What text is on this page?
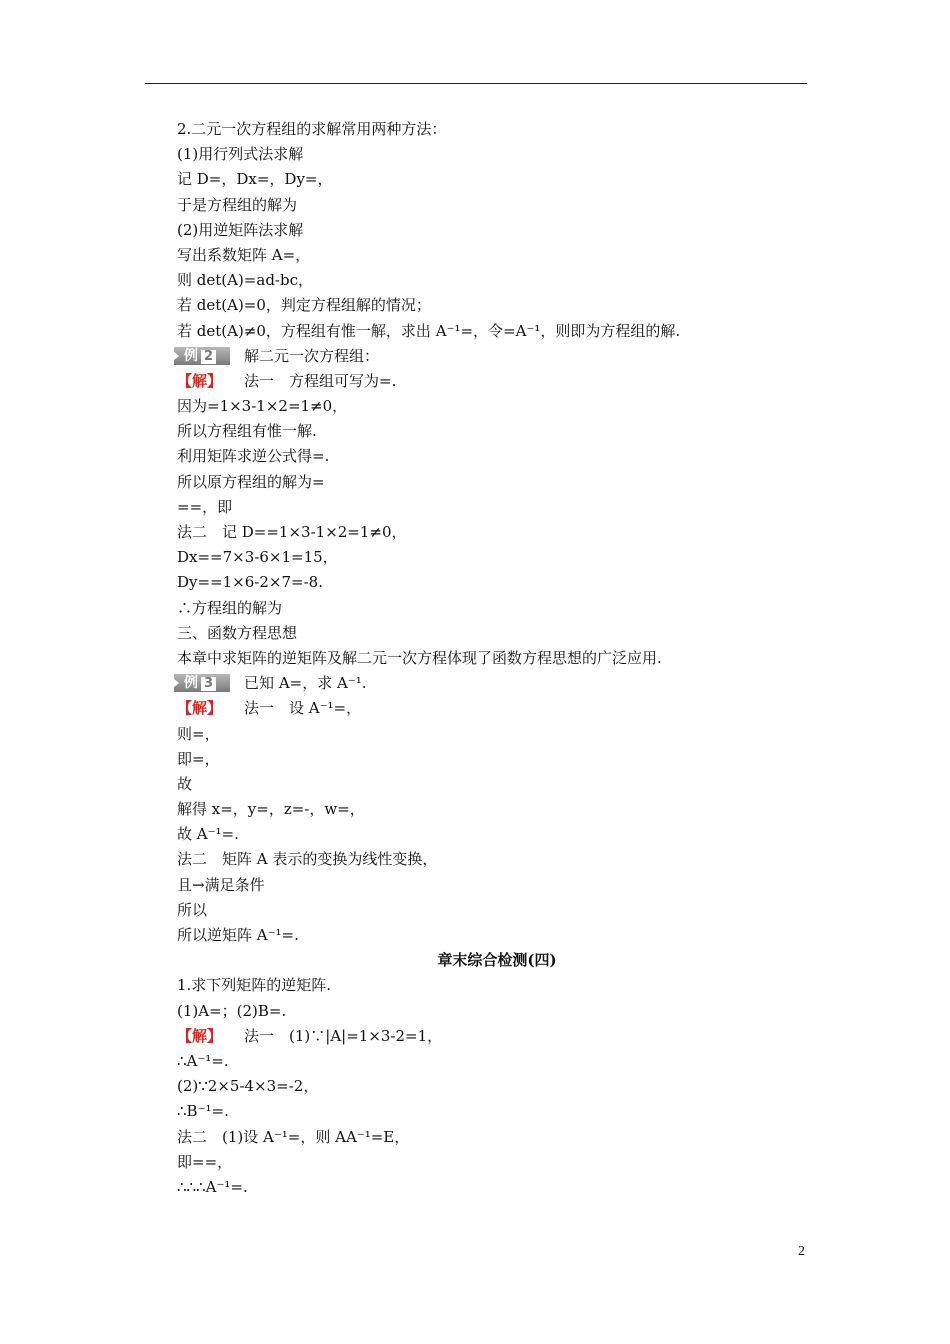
2.二元一次方程组的求解常用两种方法：
(1)用行列式法求解
记 D=，Dx=，Dy=，
于是方程组的解为
(2)用逆矩阵法求解
写出系数矩阵 A=，
则 det(A)=ad-bc，
若 det(A)=0，判定方程组解的情况；
若 det(A)≠0，方程组有惟一解，求出 A⁻¹=，令=A⁻¹，则即为方程组的解.
例 2 解二元一次方程组：
【解】 法一　方程组可写为=.
因为=1×3-1×2=1≠0，
所以方程组有惟一解.
利用矩阵求逆公式得=.
所以原方程组的解为=
==，即
法二　记 D==1×3-1×2=1≠0，
Dx==7×3-6×1=15，
Dy==1×6-2×7=-8.
∴方程组的解为
三、函数方程思想
本章中求矩阵的逆矩阵及解二元一次方程体现了函数方程思想的广泛应用.
例 3 已知 A=，求 A⁻¹.
【解】 法一　设 A⁻¹=，
则=，
即=，
故
解得 x=，y=，z=-，w=，
故 A⁻¹=.
法二　矩阵 A 表示的变换为线性变换，
且→满足条件
所以
所以逆矩阵 A⁻¹=.
章末综合检测(四)
1.求下列矩阵的逆矩阵.
(1)A=；(2)B=.
【解】 法一　(1)∵|A|=1×3-2=1，
∴A⁻¹=.
(2)∵2×5-4×3=-2，
∴B⁻¹=.
法二　(1)设 A⁻¹=，则 AA⁻¹=E，
即==，
∴∴∴A⁻¹=.
2
